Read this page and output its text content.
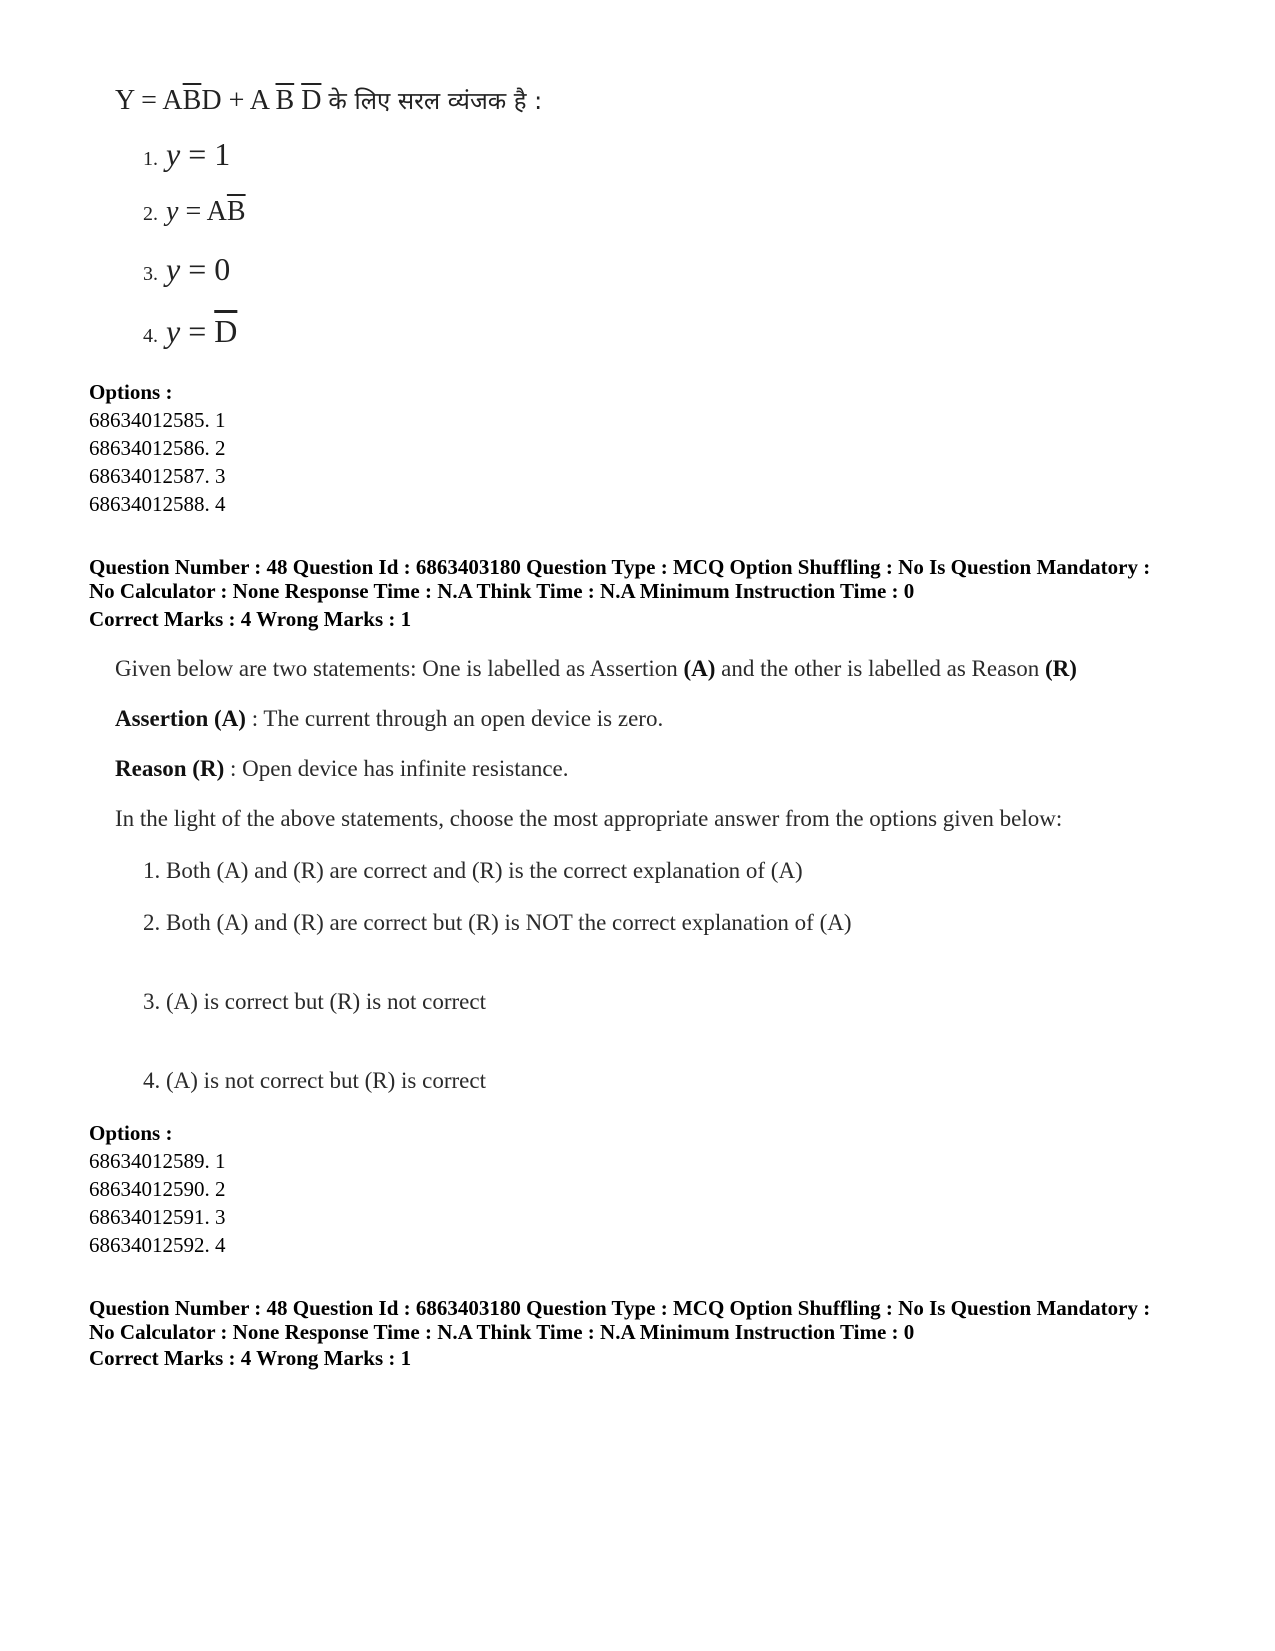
$Y = A\overline{B}D + A$ $\overline{B}$ $\overline{D}$ के लिए सरल व्यंजक है :
1. y = 1
2. $y = A\overline{B}$
3. y = 0
4. $y = \overline{D}$
Options :
68634012585. 1
68634012586. 2
68634012587. 3
68634012588. 4
Question Number : 48 Question Id : 6863403180 Question Type : MCQ Option Shuffling : No Is Question Mandatory :
No Calculator : None Response Time : N.A Think Time : N.A Minimum Instruction Time : 0
Correct Marks : 4 Wrong Marks : 1
Given below are two statements: One is labelled as Assertion (A) and the other is labelled as Reason (R)
Assertion (A) : The current through an open device is zero.
Reason (R) : Open device has infinite resistance.
In the light of the above statements, choose the most appropriate answer from the options given below:
1. Both (A) and (R) are correct and (R) is the correct explanation of (A)
2. Both (A) and (R) are correct but (R) is NOT the correct explanation of (A)
3. (A) is correct but (R) is not correct
4. (A) is not correct but (R) is correct
Options :
68634012589. 1
68634012590. 2
68634012591. 3
68634012592. 4
Question Number : 48 Question Id : 6863403180 Question Type : MCQ Option Shuffling : No Is Question Mandatory :
No Calculator : None Response Time : N.A Think Time : N.A Minimum Instruction Time : 0
Correct Marks : 4 Wrong Marks : 1
